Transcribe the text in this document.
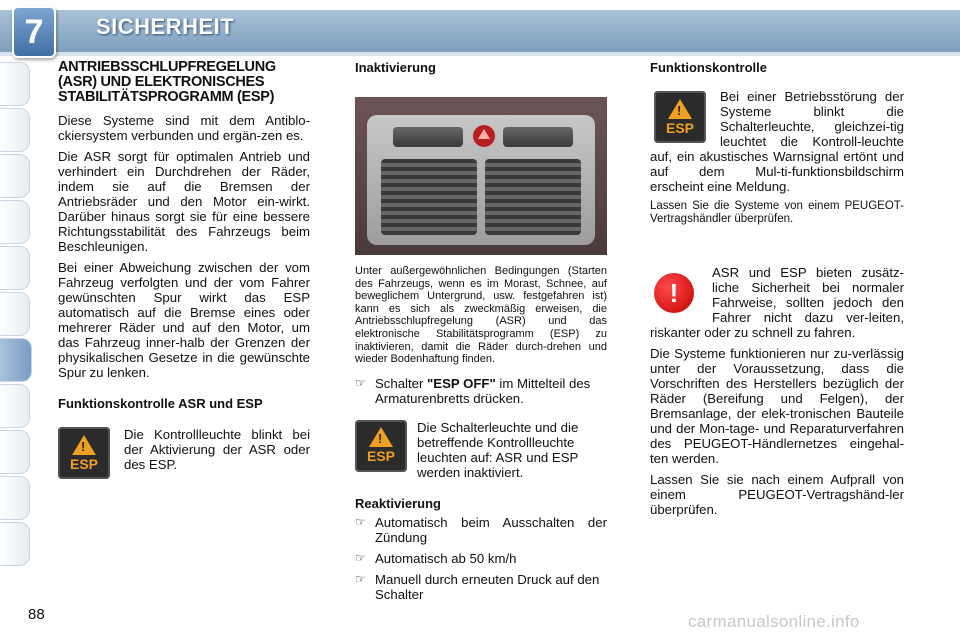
7	SICHERHEIT
ANTRIEBSSCHLUPFREGELUNG
(ASR) UND ELEKTRONISCHES
STABILITÄTSPROGRAMM (ESP)
Diese Systeme sind mit dem Antiblo-ckiersystem verbunden und ergän-zen es.
Die ASR sorgt für optimalen Antrieb und verhindert ein Durchdrehen der Räder, indem sie auf die Bremsen der Antriebsräder und den Motor ein-wirkt. Darüber hinaus sorgt sie für eine bessere Richtungsstabilität des Fahrzeugs beim Beschleunigen.
Bei einer Abweichung zwischen der vom Fahrzeug verfolgten und der vom Fahrer gewünschten Spur wirkt das ESP automatisch auf die Bremse eines oder mehrerer Räder und auf den Motor, um das Fahrzeug inner-halb der Grenzen der physikalischen Gesetze in die gewünschte Spur zu lenken.
Funktionskontrolle ASR und ESP
!
ESP
Die Kontrollleuchte blinkt bei der Aktivierung der ASR oder des ESP.
Inaktivierung
Unter außergewöhnlichen Bedingungen (Starten des Fahrzeugs, wenn es im Morast, Schnee, auf beweglichem Untergrund, usw. festgefahren ist) kann es sich als zweckmäßig erweisen, die Antriebsschlupfregelung (ASR) und das elektronische Stabilitätsprogramm (ESP) zu inaktivieren, damit die Räder durch-drehen und wieder Bodenhaftung finden.
☞ Schalter "ESP OFF" im Mittelteil des Armaturenbretts drücken.
!
ESP
Die Schalterleuchte und die betreffende Kontrollleuchte leuchten auf: ASR und ESP werden inaktiviert.
Reaktivierung
☞ Automatisch beim Ausschalten der Zündung
☞ Automatisch ab 50 km/h
☞ Manuell durch erneuten Druck auf den Schalter
Funktionskontrolle
!
ESP
Bei einer Betriebsstörung der Systeme blinkt die Schalterleuchte, gleichzei-tig leuchtet die Kontroll-leuchte auf, ein akustisches Warnsignal ertönt und auf dem Mul-ti-funktionsbildschirm erscheint eine Meldung.
Lassen Sie die Systeme von einem PEUGEOT-Vertragshändler überprüfen.
!
ASR und ESP bieten zusätz-liche Sicherheit bei normaler Fahrweise, sollten jedoch den Fahrer nicht dazu ver-leiten, riskanter oder zu schnell zu fahren.
Die Systeme funktionieren nur zu-verlässig unter der Voraussetzung, dass die Vorschriften des Herstellers bezüglich der Räder (Bereifung und Felgen), der Bremsanlage, der elek-tronischen Bauteile und der Mon-tage- und Reparaturverfahren des PEUGEOT-Händlernetzes eingehal-ten werden.
Lassen Sie sie nach einem Aufprall von einem PEUGEOT-Vertragshänd-ler überprüfen.
88	carmanualsonline.info
